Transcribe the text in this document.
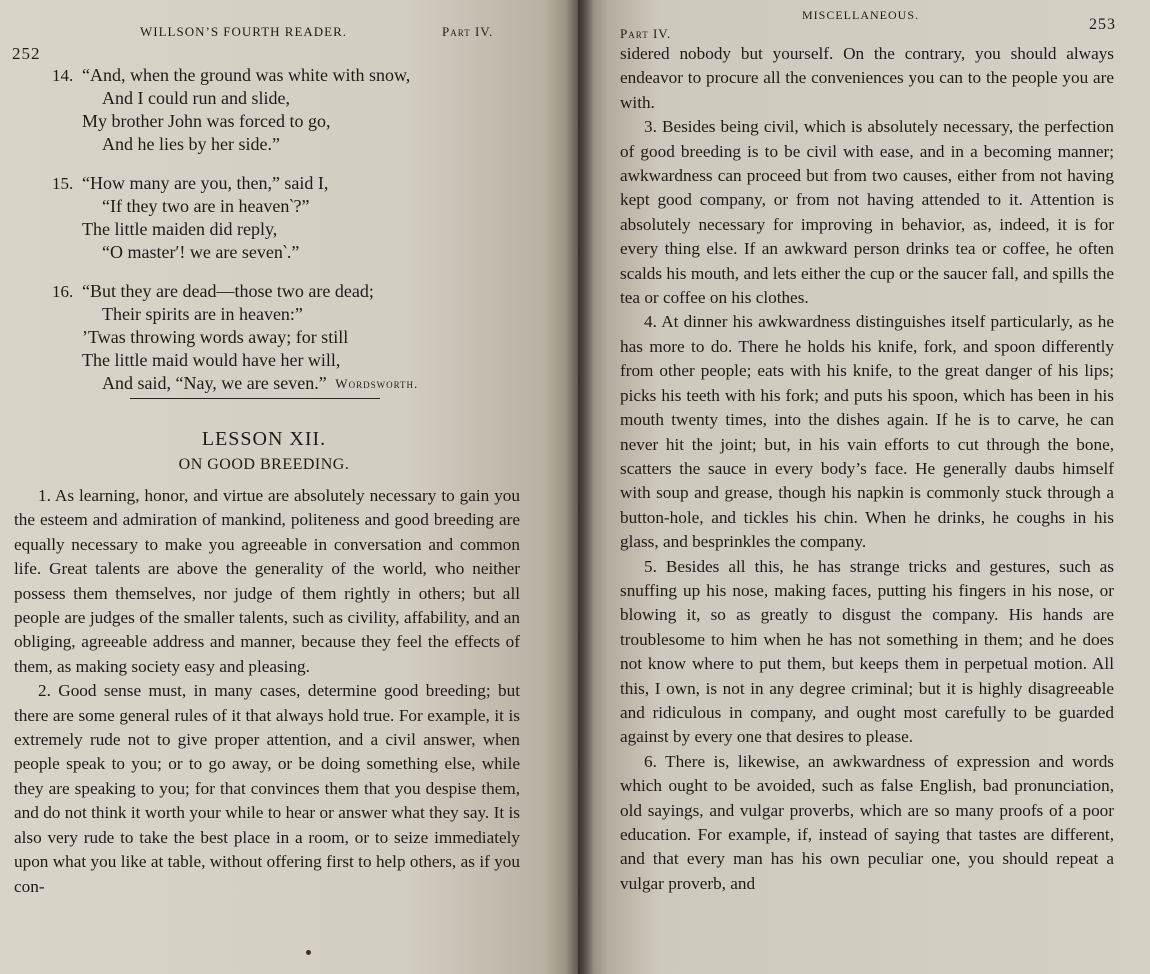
252
WILLSON’S FOURTH READER.	Part IV.
14. “And, when the ground was white with snow,
And I could run and slide,
My brother John was forced to go,
And he lies by her side.”
15. “How many are you, then,” said I,
“If they two are in heaven‵?”
The little maiden did reply,
“O master′! we are seven‵.”
16. “But they are dead—those two are dead;
Their spirits are in heaven:”
’Twas throwing words away; for still
The little maid would have her will,
And said, “Nay, we are seven.” Wordsworth.
LESSON XII.
ON GOOD BREEDING.

1. As learning, honor, and virtue are absolutely necessary to gain you the esteem and admiration of mankind, politeness and good breeding are equally necessary to make you agreeable in conversation and common life. Great talents are above the generality of the world, who neither possess them themselves, nor judge of them rightly in others; but all people are judges of the smaller talents, such as civility, affability, and an obliging, agreeable address and manner, because they feel the effects of them, as making society easy and pleasing.

2. Good sense must, in many cases, determine good breeding; but there are some general rules of it that always hold true. For example, it is extremely rude not to give proper attention, and a civil answer, when people speak to you; or to go away, or be doing something else, while they are speaking to you; for that convinces them that you despise them, and do not think it worth your while to hear or answer what they say. It is also very rude to take the best place in a room, or to seize immediately upon what you like at table, without offering first to help others, as if you con-

Part IV.
MISCELLANEOUS.
253

sidered nobody but yourself. On the contrary, you should always endeavor to procure all the conveniences you can to the people you are with.

3. Besides being civil, which is absolutely necessary, the perfection of good breeding is to be civil with ease, and in a becoming manner; awkwardness can proceed but from two causes, either from not having kept good company, or from not having attended to it. Attention is absolutely necessary for improving in behavior, as, indeed, it is for every thing else. If an awkward person drinks tea or coffee, he often scalds his mouth, and lets either the cup or the saucer fall, and spills the tea or coffee on his clothes.

4. At dinner his awkwardness distinguishes itself particularly, as he has more to do. There he holds his knife, fork, and spoon differently from other people; eats with his knife, to the great danger of his lips; picks his teeth with his fork; and puts his spoon, which has been in his mouth twenty times, into the dishes again. If he is to carve, he can never hit the joint; but, in his vain efforts to cut through the bone, scatters the sauce in every body’s face. He generally daubs himself with soup and grease, though his napkin is commonly stuck through a button-hole, and tickles his chin. When he drinks, he coughs in his glass, and besprinkles the company.

5. Besides all this, he has strange tricks and gestures, such as snuffing up his nose, making faces, putting his fingers in his nose, or blowing it, so as greatly to disgust the company. His hands are troublesome to him when he has not something in them; and he does not know where to put them, but keeps them in perpetual motion. All this, I own, is not in any degree criminal; but it is highly disagreeable and ridiculous in company, and ought most carefully to be guarded against by every one that desires to please.

6. There is, likewise, an awkwardness of expression and words which ought to be avoided, such as false English, bad pronunciation, old sayings, and vulgar proverbs, which are so many proofs of a poor education. For example, if, instead of saying that tastes are different, and that every man has his own peculiar one, you should repeat a vulgar proverb, and
